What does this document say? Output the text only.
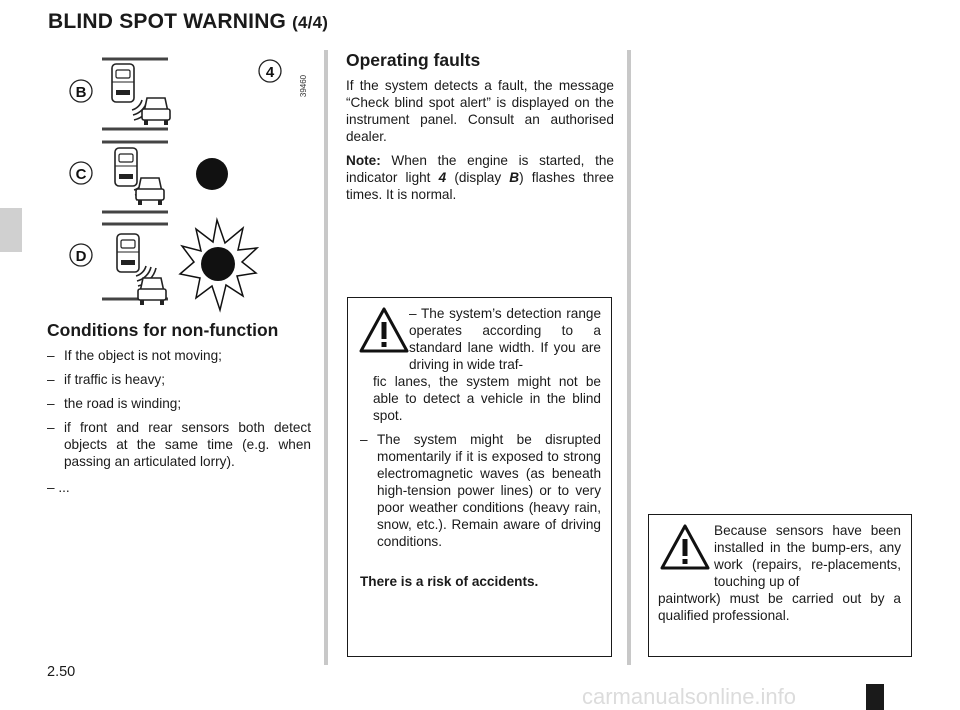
BLIND SPOT WARNING (4/4)
4
39460
B
C
D
Conditions for non-function
– If the object is not moving;
– if traffic is heavy;
– the road is winding;
– if front and rear sensors both detect objects at the same time (e.g. when passing an articulated lorry).
– ...
Operating faults
If the system detects a fault, the message “Check blind spot alert” is displayed on the instrument panel. Consult an authorised dealer.
Note: When the engine is started, the indicator light 4 (display B) flashes three times. It is normal.
– The system’s detection range operates according to a standard lane width. If you are driving in wide traf-
fic lanes, the system might not be able to detect a vehicle in the blind spot.
– The system might be disrupted momentarily if it is exposed to strong electromagnetic waves (as beneath high-tension power lines) or to very poor weather conditions (heavy rain, snow, etc.). Remain aware of driving conditions.
There is a risk of accidents.
Because sensors have been installed in the bump-ers, any work (repairs, re-placements, touching up of
paintwork) must be carried out by a qualified professional.
2.50
carmanualsonline.info
